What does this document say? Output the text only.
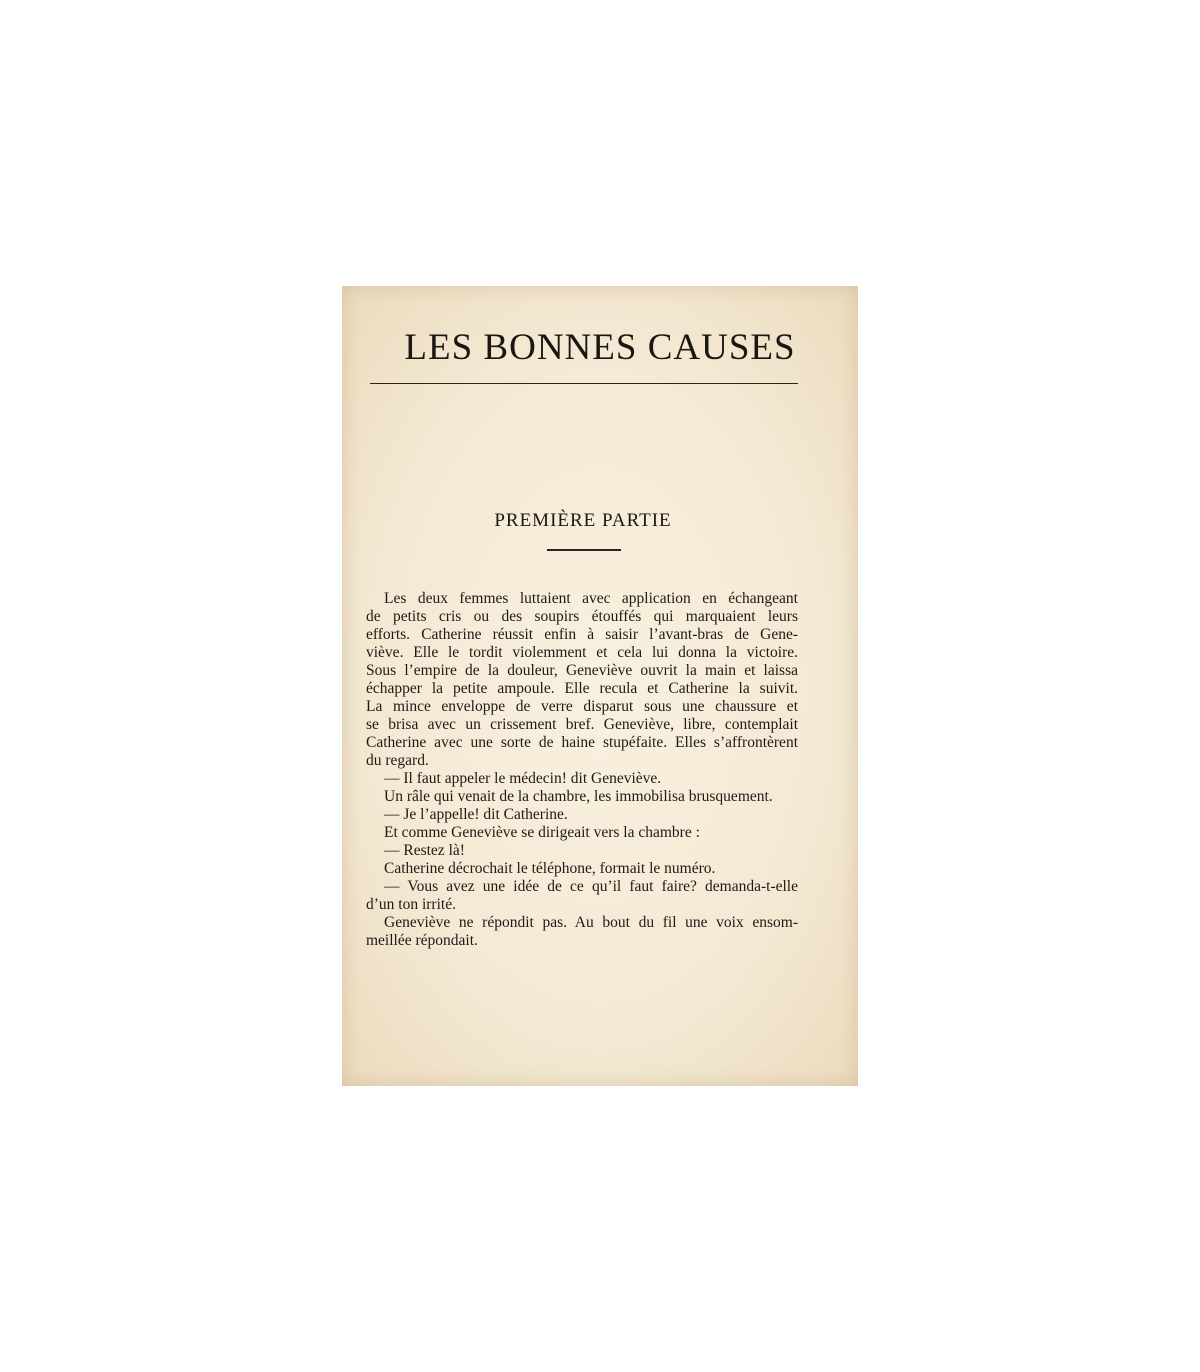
LES BONNES CAUSES
PREMIÈRE PARTIE
Les deux femmes luttaient avec application en échangeant
de petits cris ou des soupirs étouffés qui marquaient leurs
efforts. Catherine réussit enfin à saisir l’avant-bras de Gene-
viève. Elle le tordit violemment et cela lui donna la victoire.
Sous l’empire de la douleur, Geneviève ouvrit la main et laissa
échapper la petite ampoule. Elle recula et Catherine la suivit.
La mince enveloppe de verre disparut sous une chaussure et
se brisa avec un crissement bref. Geneviève, libre, contemplait
Catherine avec une sorte de haine stupéfaite. Elles s’affrontèrent
du regard.
— Il faut appeler le médecin! dit Geneviève.
Un râle qui venait de la chambre, les immobilisa brusquement.
— Je l’appelle! dit Catherine.
Et comme Geneviève se dirigeait vers la chambre :
— Restez là!
Catherine décrochait le téléphone, formait le numéro.
— Vous avez une idée de ce qu’il faut faire? demanda-t-elle
d’un ton irrité.
Geneviève ne répondit pas. Au bout du fil une voix ensom-
meillée répondait.
